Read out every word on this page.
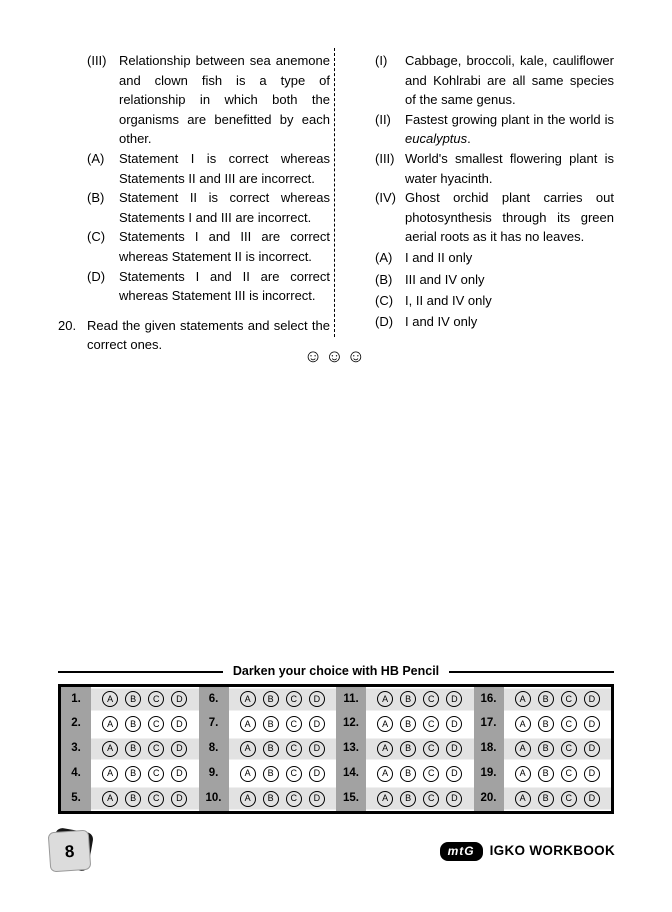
(III) Relationship between sea anemone and clown fish is a type of relationship in which both the organisms are benefitted by each other.
(A)	Statement I is correct whereas Statements II and III are incorrect.
(B)	Statement II is correct whereas Statements I and III are incorrect.
(C)	Statements I and III are correct whereas Statement II is incorrect.
(D)	Statements I and II are correct whereas Statement III is incorrect.
20. Read the given statements and select the correct ones.
(I)	Cabbage, broccoli, kale, cauliflower and Kohlrabi are all same species of the same genus.
(II)	Fastest growing plant in the world is eucalyptus.
(III) World's smallest flowering plant is water hyacinth.
(IV) Ghost orchid plant carries out photosynthesis through its green aerial roots as it has no leaves.
(A) I and II only
(B) III and IV only
(C) I, II and IV only
(D) I and IV only
☺☺☺
Darken your choice with HB Pencil
1.	A	B	C	D	6.	A	B	C	D	11.	A	B	C	D	16.	A	B	C	D
2.	A	B	C	D	7.	A	B	C	D	12.	A	B	C	D	17.	A	B	C	D
3.	A	B	C	D	8.	A	B	C	D	13.	A	B	C	D	18.	A	B	C	D
4.	A	B	C	D	9.	A	B	C	D	14.	A	B	C	D	19.	A	B	C	D
5.	A	B	C	D	10.	A	B	C	D	15.	A	B	C	D	20.	A	B	C	D
8	mtG	IGKO WORKBOOK
